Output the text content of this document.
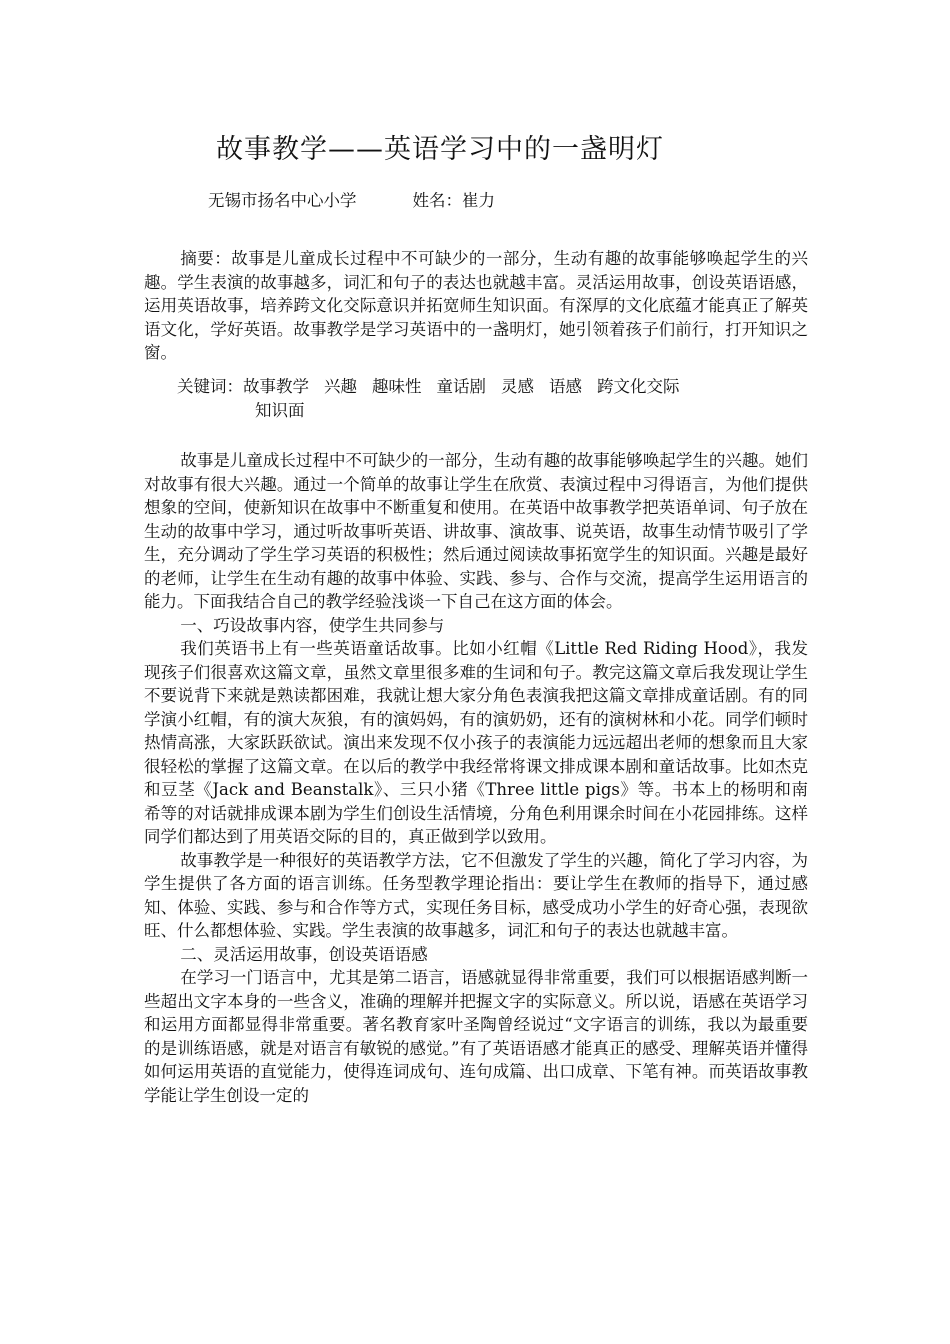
故事教学——英语学习中的一盏明灯
无锡市扬名中心小学	姓名：崔力

摘要：故事是儿童成长过程中不可缺少的一部分，生动有趣的故事能够唤起学生的兴趣。学生表演的故事越多，词汇和句子的表达也就越丰富。灵活运用故事，创设英语语感，运用英语故事，培养跨文化交际意识并拓宽师生知识面。有深厚的文化底蕴才能真正了解英语文化，学好英语。故事教学是学习英语中的一盏明灯，她引领着孩子们前行，打开知识之窗。

关键词：故事教学 兴趣 趣味性 童话剧 灵感 语感 跨文化交际
知识面

故事是儿童成长过程中不可缺少的一部分，生动有趣的故事能够唤起学生的兴趣。她们对故事有很大兴趣。通过一个简单的故事让学生在欣赏、表演过程中习得语言，为他们提供想象的空间，使新知识在故事中不断重复和使用。在英语中故事教学把英语单词、句子放在生动的故事中学习，通过听故事听英语、讲故事、演故事、说英语，故事生动情节吸引了学生，充分调动了学生学习英语的积极性；然后通过阅读故事拓宽学生的知识面。兴趣是最好的老师，让学生在生动有趣的故事中体验、实践、参与、合作与交流，提高学生运用语言的能力。下面我结合自己的教学经验浅谈一下自己在这方面的体会。

一、巧设故事内容，使学生共同参与

我们英语书上有一些英语童话故事。比如小红帽《Little Red Riding Hood》，我发现孩子们很喜欢这篇文章，虽然文章里很多难的生词和句子。教完这篇文章后我发现让学生不要说背下来就是熟读都困难，我就让想大家分角色表演我把这篇文章排成童话剧。有的同学演小红帽，有的演大灰狼，有的演妈妈，有的演奶奶，还有的演树林和小花。同学们顿时热情高涨，大家跃跃欲试。演出来发现不仅小孩子的表演能力远远超出老师的想象而且大家很轻松的掌握了这篇文章。在以后的教学中我经常将课文排成课本剧和童话故事。比如杰克和豆茎《Jack and Beanstalk》、三只小猪《Three little pigs》等。书本上的杨明和南希等的对话就排成课本剧为学生们创设生活情境，分角色利用课余时间在小花园排练。这样同学们都达到了用英语交际的目的，真正做到学以致用。

故事教学是一种很好的英语教学方法，它不但激发了学生的兴趣，简化了学习内容，为学生提供了各方面的语言训练。任务型教学理论指出：要让学生在教师的指导下，通过感知、体验、实践、参与和合作等方式，实现任务目标，感受成功小学生的好奇心强，表现欲旺、什么都想体验、实践。学生表演的故事越多，词汇和句子的表达也就越丰富。

二、灵活运用故事，创设英语语感

在学习一门语言中，尤其是第二语言，语感就显得非常重要，我们可以根据语感判断一些超出文字本身的一些含义，准确的理解并把握文字的实际意义。所以说，语感在英语学习和运用方面都显得非常重要。著名教育家叶圣陶曾经说过“文字语言的训练，我以为最重要的是训练语感，就是对语言有敏锐的感觉。”有了英语语感才能真正的感受、理解英语并懂得如何运用英语的直觉能力，使得连词成句、连句成篇、出口成章、下笔有神。而英语故事教学能让学生创设一定的
